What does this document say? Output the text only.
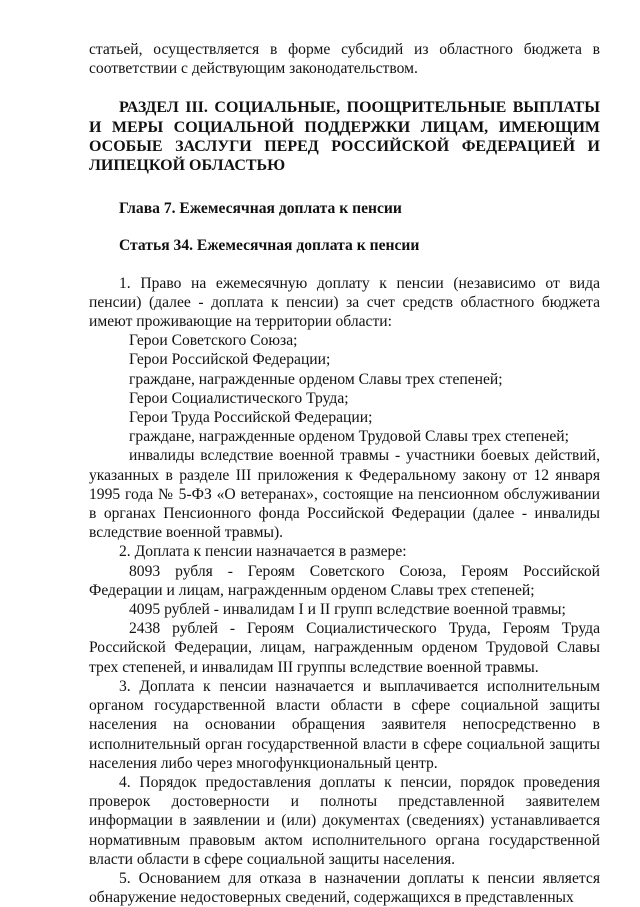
статьей, осуществляется в форме субсидий из областного бюджета в соответствии с действующим законодательством.

РАЗДЕЛ III. СОЦИАЛЬНЫЕ, ПООЩРИТЕЛЬНЫЕ ВЫПЛАТЫ И МЕРЫ СОЦИАЛЬНОЙ ПОДДЕРЖКИ ЛИЦАМ, ИМЕЮЩИМ ОСОБЫЕ ЗАСЛУГИ ПЕРЕД РОССИЙСКОЙ ФЕДЕРАЦИЕЙ И ЛИПЕЦКОЙ ОБЛАСТЬЮ

Глава 7. Ежемесячная доплата к пенсии

Статья 34. Ежемесячная доплата к пенсии

1. Право на ежемесячную доплату к пенсии (независимо от вида пенсии) (далее - доплата к пенсии) за счет средств областного бюджета имеют проживающие на территории области:

Герои Советского Союза;

Герои Российской Федерации;

граждане, награжденные орденом Славы трех степеней;

Герои Социалистического Труда;

Герои Труда Российской Федерации;

граждане, награжденные орденом Трудовой Славы трех степеней;

инвалиды вследствие военной травмы - участники боевых действий, указанных в разделе III приложения к Федеральному закону от 12 января 1995 года № 5-ФЗ «О ветеранах», состоящие на пенсионном обслуживании в органах Пенсионного фонда Российской Федерации (далее - инвалиды вследствие военной травмы).

2. Доплата к пенсии назначается в размере:

8093 рубля - Героям Советского Союза, Героям Российской Федерации и лицам, награжденным орденом Славы трех степеней;

4095 рублей - инвалидам I и II групп вследствие военной травмы;

2438 рублей - Героям Социалистического Труда, Героям Труда Российской Федерации, лицам, награжденным орденом Трудовой Славы трех степеней, и инвалидам III группы вследствие военной травмы.

3. Доплата к пенсии назначается и выплачивается исполнительным органом государственной власти области в сфере социальной защиты населения на основании обращения заявителя непосредственно в исполнительный орган государственной власти в сфере социальной защиты населения либо через многофункциональный центр.

4. Порядок предоставления доплаты к пенсии, порядок проведения проверок достоверности и полноты представленной заявителем информации в заявлении и (или) документах (сведениях) устанавливается нормативным правовым актом исполнительного органа государственной власти области в сфере социальной защиты населения.

5. Основанием для отказа в назначении доплаты к пенсии является обнаружение недостоверных сведений, содержащихся в представленных
